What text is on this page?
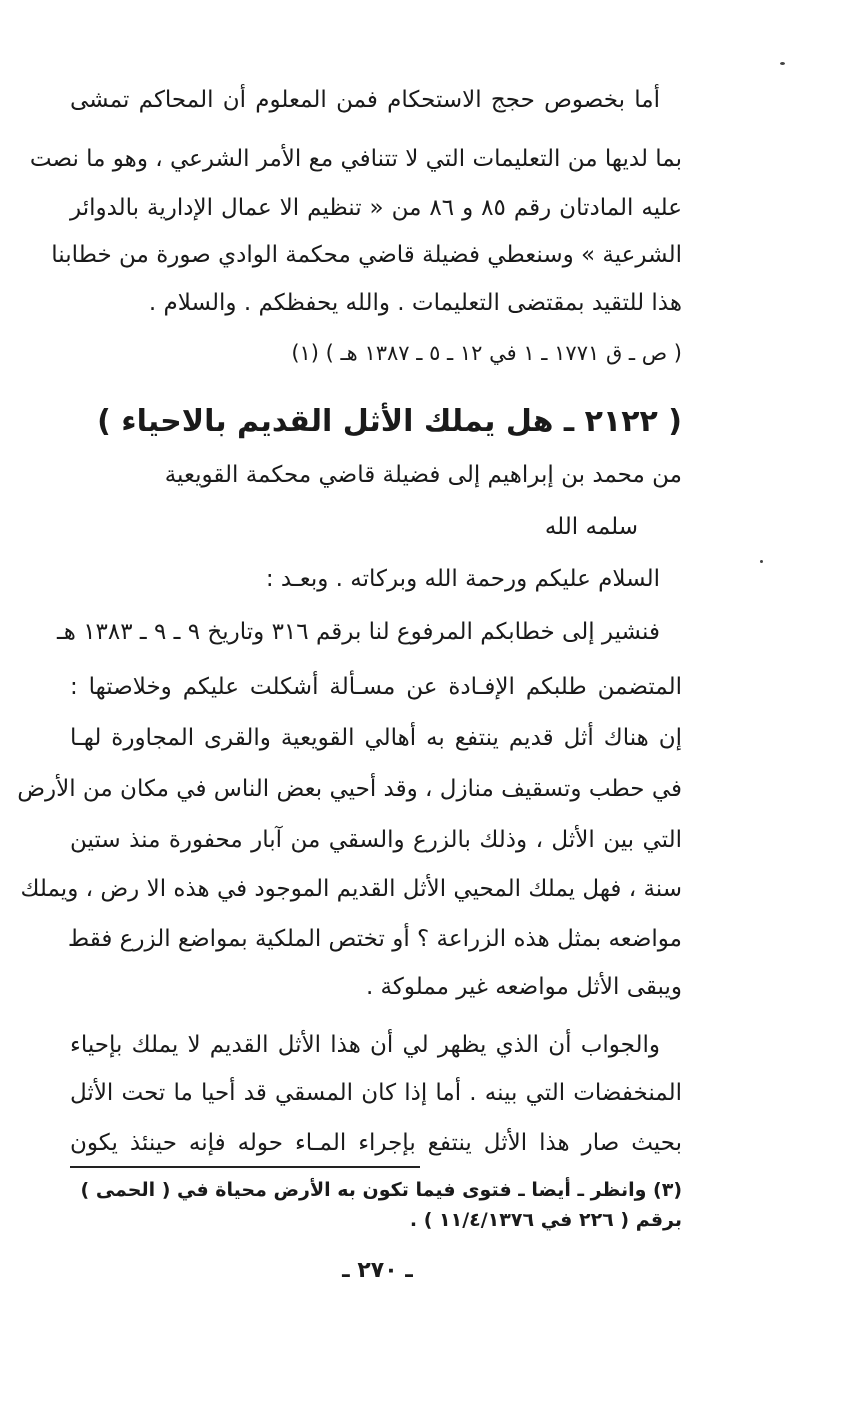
أما بخصوص حجج الاستحكام فمن المعلوم أن المحاكم تمشى
بما لديها من التعليمات التي لا تتنافي مع الأمر الشرعي ، وهو ما نصت
عليه المادتان رقم ٨٥ و ٨٦ من « تنظيم الا عمال الإدارية بالدوائر
الشرعية » وسنعطي فضيلة قاضي محكمة الوادي صورة من خطابنا
هذا للتقيد بمقتضى التعليمات . والله يحفظكم . والسلام .
( ص ـ ق ١٧٧١ ـ ١ في ١٢ ـ ٥ ـ ١٣٨٧ هـ ) (١)
( ٢١٢٢ ـ هل يملك الأثل القديم بالاحياء )
من محمد بن إبراهيم إلى فضيلة قاضي محكمة القويعية
سلمه الله
السلام عليكم ورحمة الله وبركاته . وبعـد :
فنشير إلى خطابكم المرفوع لنا برقم ٣١٦ وتاريخ ٩ ـ ٩ ـ ١٣٨٣ هـ
المتضمن طلبكم الإفـادة عن مسـألة أشكلت عليكم وخلاصتها :
إن هناك أثل قديم ينتفع به أهالي القويعية والقرى المجاورة لهـا
في حطب وتسقيف منازل ، وقد أحيي بعض الناس في مكان من الأرض
التي بين الأثل ، وذلك بالزرع والسقي من آبار محفورة منذ ستين
سنة ، فهل يملك المحيي الأثل القديم الموجود في هذه الا رض ، ويملك
مواضعه بمثل هذه الزراعة ؟ أو تختص الملكية بمواضع الزرع فقط
ويبقى الأثل مواضعه غير مملوكة .
والجواب أن الذي يظهر لي أن هذا الأثل القديم لا يملك بإحياء
المنخفضات التي بينه . أما إذا كان المسقي قد أحيا ما تحت الأثل
بحيث صار هذا الأثل ينتفع بإجراء المـاء حوله فإنه حينئذ يكون
(٣) وانظر ـ أيضا ـ فتوى فيما تكون به الأرض محياة في ( الحمى )
برقم ( ٢٢٦ في ١١/٤/١٣٧٦ ) .
ـ ٢٧٠ ـ
